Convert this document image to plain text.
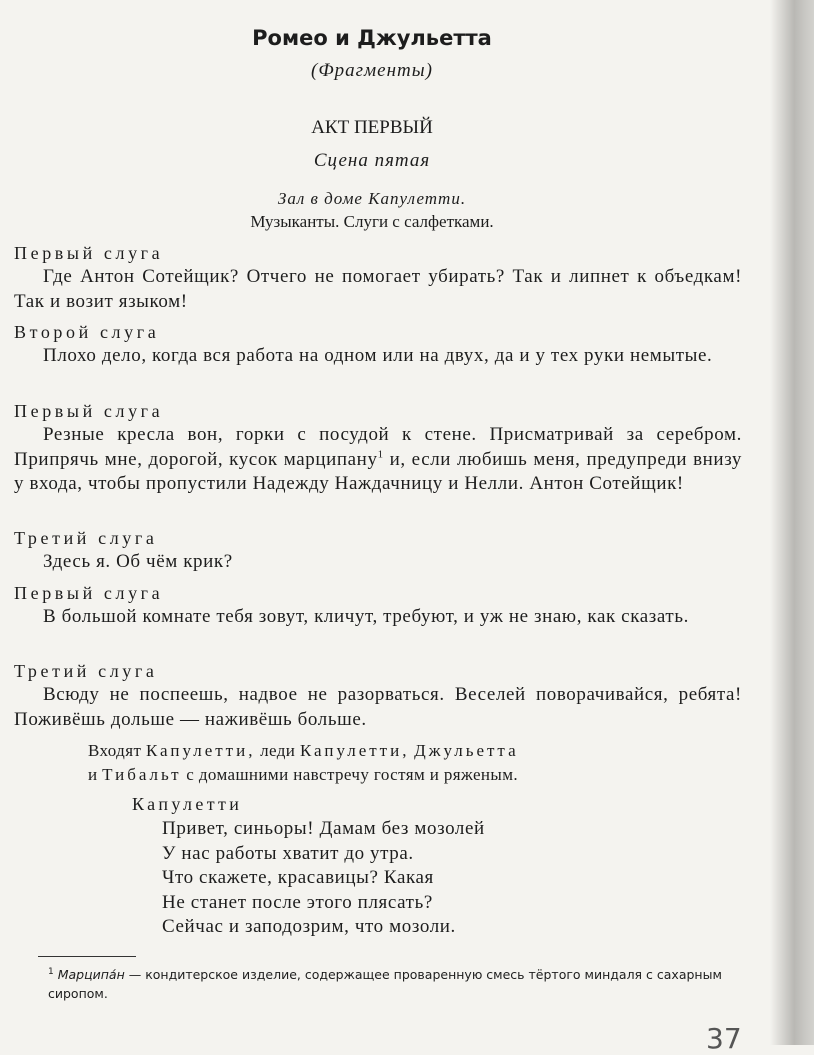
Ромео и Джульетта
(Фрагменты)
АКТ ПЕРВЫЙ
Сцена пятая
Зал в доме Капулетти.
Музыканты. Слуги с салфетками.
Первый слуга
Где Антон Сотейщик? Отчего не помогает убирать? Так и липнет к объедкам! Так и возит языком!
Второй слуга
Плохо дело, когда вся работа на одном или на двух, да и у тех руки немытые.
Первый слуга
Резные кресла вон, горки с посудой к стене. Присматривай за серебром. Припрячь мне, дорогой, кусок марципану$^1$ и, если любишь меня, предупреди внизу у входа, чтобы пропустили Надежду Наждачницу и Нелли. Антон Сотейщик!
Третий слуга
Здесь я. Об чём крик?
Первый слуга
В большой комнате тебя зовут, кличут, требуют, и уж не знаю, как сказать.
Третий слуга
Всюду не поспеешь, надвое не разорваться. Веселей поворачивайся, ребята! Поживёшь дольше — наживёшь больше.
Входят Капулетти, леди Капулетти, Джульетта
и Тибальт с домашними навстречу гостям и ряженым.
Капулетти
Привет, синьоры! Дамам без мозолей
У нас работы хватит до утра.
Что скажете, красавицы? Какая
Не станет после этого плясать?
Сейчас и заподозрим, что мозоли.
$^1$ Марципа́н — кондитерское изделие, содержащее проваренную смесь тёртого миндаля с сахарным сиропом.
37
